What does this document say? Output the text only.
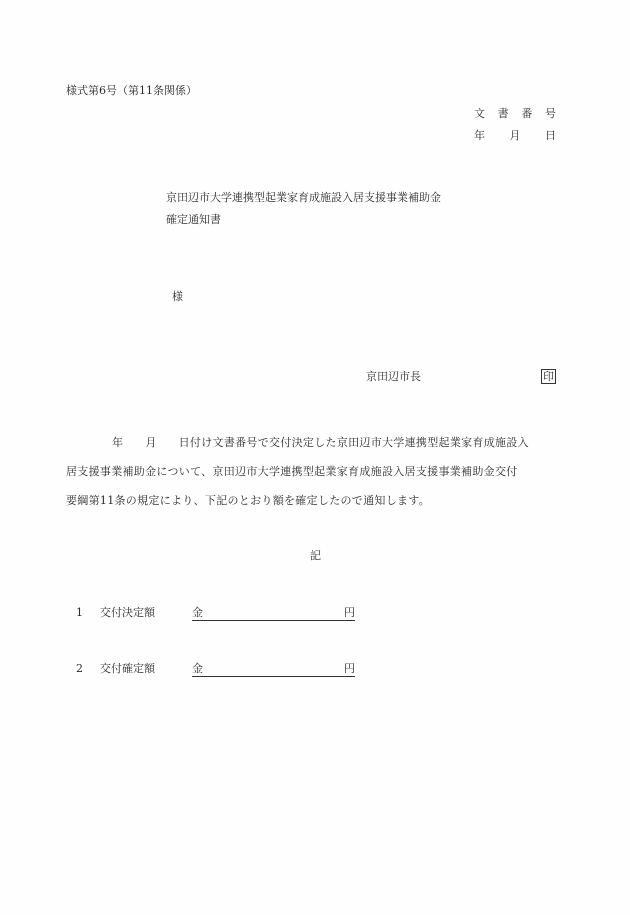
様式第6号（第11条関係）
文 書 番 号
年 月 日
京田辺市大学連携型起業家育成施設入居支援事業補助金
確定通知書
様
京田辺市長	印
年 月 日付け文書番号で交付決定した京田辺市大学連携型起業家育成施設入
居支援事業補助金について、京田辺市大学連携型起業家育成施設入居支援事業補助金交付
要綱第11条の規定により、下記のとおり額を確定したので通知します。
記
1 交付決定額	金	円
2 交付確定額	金	円
